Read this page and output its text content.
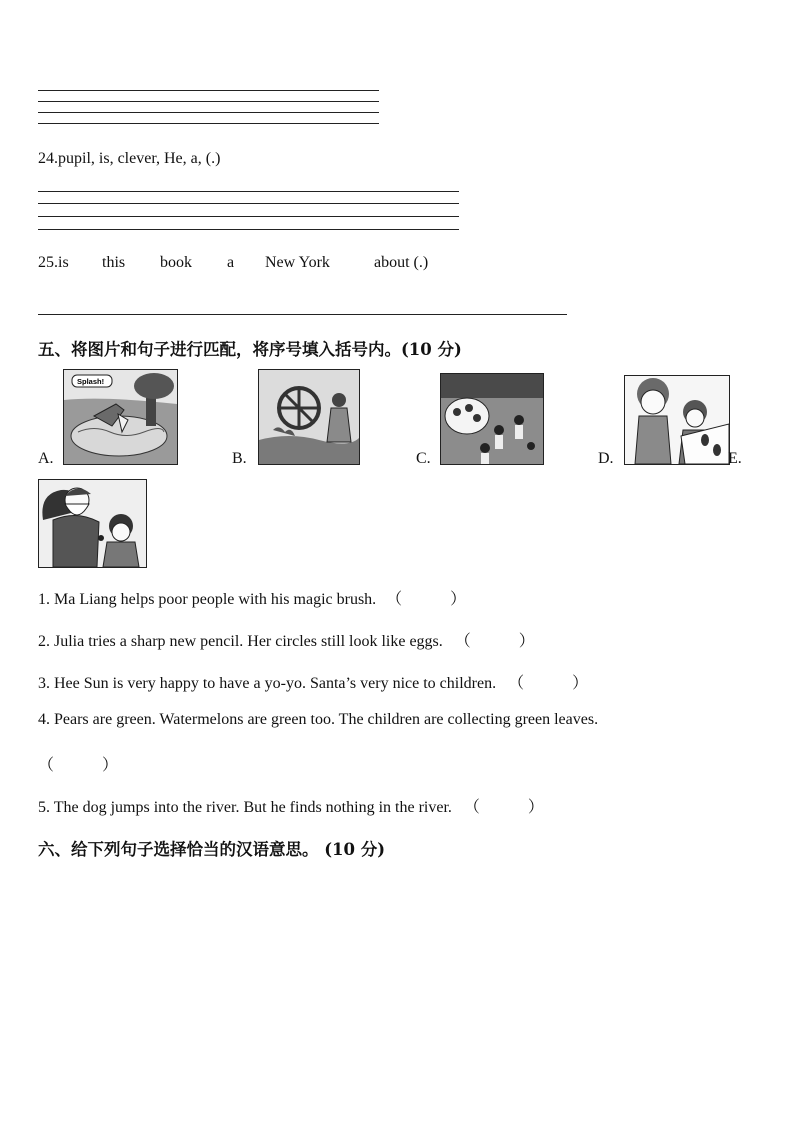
24.pupil, is, clever, He, a, (.)
25.is this book a New York	about (.)
五、将图片和句子进行匹配，将序号填入括号内。(10 分)
A.
Splash!
B.	C.	D.	E.
1. Ma Liang helps poor people with his magic brush. （　　　）
2. Julia tries a sharp new pencil. Her circles still look like eggs. （　　　）
3. Hee Sun is very happy to have a yo-yo. Santa’s very nice to children. （　　　）
4. Pears are green. Watermelons are green too. The children are collecting green leaves.
（　　　）
5. The dog jumps into the river. But he finds nothing in the river. （　　　）
六、给下列句子选择恰当的汉语意思。 (10 分)
